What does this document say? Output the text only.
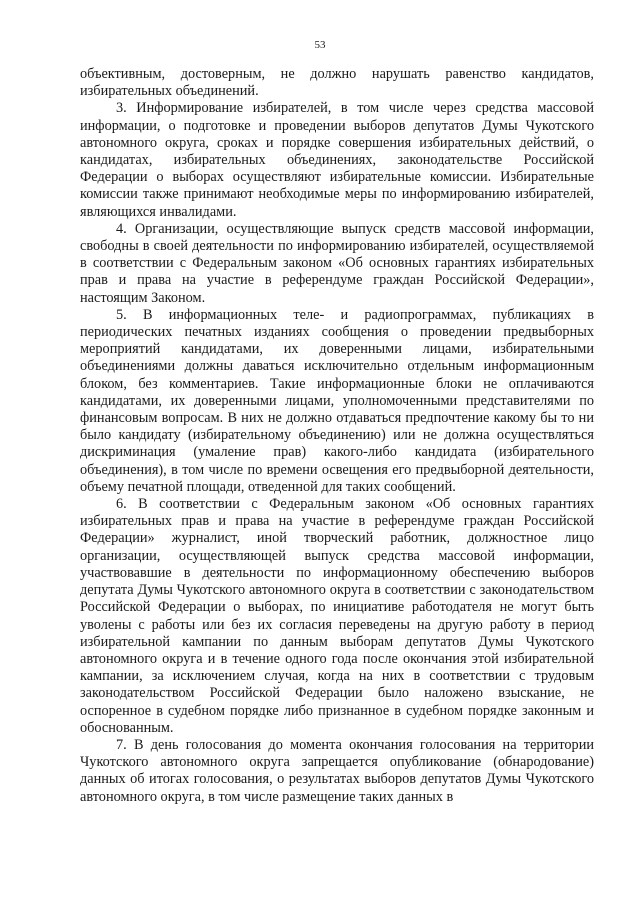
53

объективным, достоверным, не должно нарушать равенство кандидатов, избирательных объединений.

3. Информирование избирателей, в том числе через средства массовой информации, о подготовке и проведении выборов депутатов Думы Чукотского автономного округа, сроках и порядке совершения избирательных действий, о кандидатах, избирательных объединениях, законодательстве Российской Федерации о выборах осуществляют избирательные комиссии. Избирательные комиссии также принимают необходимые меры по информированию избирателей, являющихся инвалидами.

4. Организации, осуществляющие выпуск средств массовой информации, свободны в своей деятельности по информированию избирателей, осуществляемой в соответствии с Федеральным законом «Об основных гарантиях избирательных прав и права на участие в референдуме граждан Российской Федерации», настоящим Законом.

5. В информационных теле- и радиопрограммах, публикациях в периодических печатных изданиях сообщения о проведении предвыборных мероприятий кандидатами, их доверенными лицами, избирательными объединениями должны даваться исключительно отдельным информационным блоком, без комментариев. Такие информационные блоки не оплачиваются кандидатами, их доверенными лицами, уполномоченными представителями по финансовым вопросам. В них не должно отдаваться предпочтение какому бы то ни было кандидату (избирательному объединению) или не должна осуществляться дискриминация (умаление прав) какого-либо кандидата (избирательного объединения), в том числе по времени освещения его предвыборной деятельности, объему печатной площади, отведенной для таких сообщений.

6. В соответствии с Федеральным законом «Об основных гарантиях избирательных прав и права на участие в референдуме граждан Российской Федерации» журналист, иной творческий работник, должностное лицо организации, осуществляющей выпуск средства массовой информации, участвовавшие в деятельности по информационному обеспечению выборов депутата Думы Чукотского автономного округа в соответствии с законодательством Российской Федерации о выборах, по инициативе работодателя не могут быть уволены с работы или без их согласия переведены на другую работу в период избирательной кампании по данным выборам депутатов Думы Чукотского автономного округа и в течение одного года после окончания этой избирательной кампании, за исключением случая, когда на них в соответствии с трудовым законодательством Российской Федерации было наложено взыскание, не оспоренное в судебном порядке либо признанное в судебном порядке законным и обоснованным.

7. В день голосования до момента окончания голосования на территории Чукотского автономного округа запрещается опубликование (обнародование) данных об итогах голосования, о результатах выборов депутатов Думы Чукотского автономного округа, в том числе размещение таких данных в
